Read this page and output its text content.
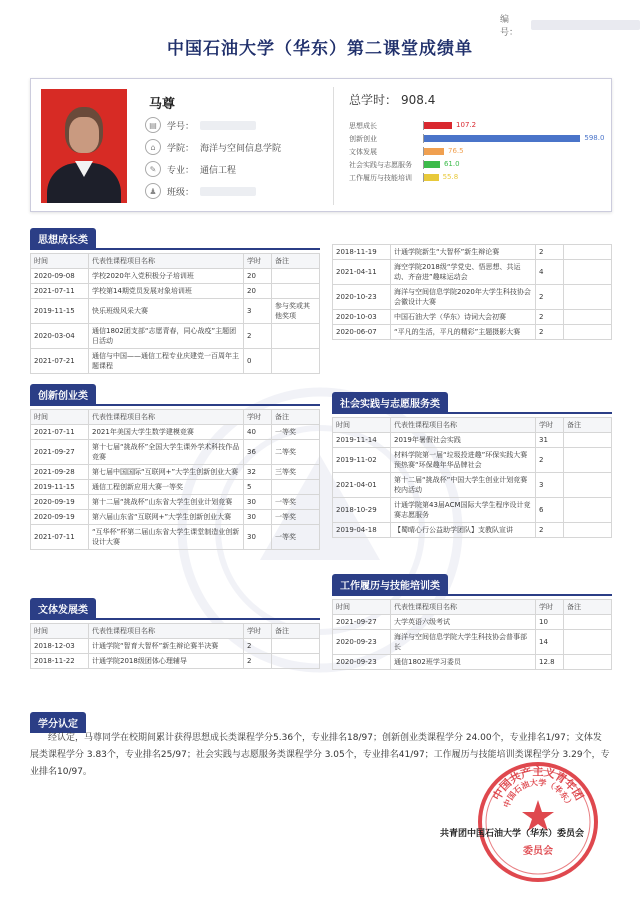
编号：
中国石油大学（华东）第二课堂成绩单
马尊
▤	学号：
⌂	学院： 海洋与空间信息学院
✎	专业： 通信工程
♟	班级：
总学时： 908.4
思想成长	107.2
创新创业	598.0
文体发展	76.5
社会实践与志愿服务	61.0
工作履历与技能培训	55.8
思想成长类
时间	代表性课程项目名称	学时	备注
2020-09-08	学校2020年入党积极分子培训班	20	
2021-07-11	学校第14期党员发展对象培训班	20	
2019-11-15	快乐班级风采大赛	3	参与奖或其他奖项
2020-03-04	通信1802团支部“志愿青春，同心战疫”主题团日活动	2	
2021-07-21	通信与中国——通信工程专业庆建党一百周年主题课程	0	
创新创业类
时间	代表性课程项目名称	学时	备注
2021-07-11	2021年美国大学生数学建模竞赛	40	一等奖
2021-09-27	第十七届“挑战杯”全国大学生课外学术科技作品竞赛	36	二等奖
2021-09-28	第七届中国国际“互联网+”大学生创新创业大赛	32	三等奖
2019-11-15	通信工程创新应用大赛一等奖	5	
2020-09-19	第十二届“挑战杯”山东省大学生创业计划竞赛	30	一等奖
2020-09-19	第六届山东省“互联网+”大学生创新创业大赛	30	一等奖
2021-07-11	“互华杯”杯第二届山东省大学生课堂制造业创新设计大赛	30	一等奖
文体发展类
时间	代表性课程项目名称	学时	备注
2018-12-03	计通学院“智育大智杯”新生辩论赛半决赛	2	
2018-11-22	计通学院2018级团体心理辅导	2	
2018-11-19	计通学院新生“大智杯”新生辩论赛	2	
2021-04-11	海空学院2018级“学党史、悟思想、共运动、齐奋进”趣味运动会	4	
2020-10-23	海洋与空间信息学院2020年大学生科技协会会徽设计大赛	2	
2020-10-03	中国石油大学（华东）诗词大会初赛	2	
2020-06-07	“平凡的生活，平凡的精彩”主题摄影大赛	2	
社会实践与志愿服务类
时间	代表性课程项目名称	学时	备注
2019-11-14	2019年暑假社会实践	31	
2019-11-02	材料学院第一届“垃圾投进趣”环保实践大赛预热赛“环保趣年华品牌社会	2	
2021-04-01	第十二届“挑战杯”中国大学生创业计划竞赛校内活动	3	
2018-10-29	计通学院第43届ACM国际大学生程序设计竞赛志愿服务	6	
2019-04-18	【蜀晴心行公益助学团队】支教队宣讲	2	
工作履历与技能培训类
时间	代表性课程项目名称	学时	备注
2021-09-27	大学英语六级考试	10	
2020-09-23	海洋与空间信息学院大学生科技协会普事部长	14	
2020-09-23	通信1802班学习委员	12.8	
学分认定
经认定，马尊同学在校期间累计获得思想成长类课程学分5.36个，专业排名18/97；创新创业类课程学分 24.00个，专业排名1/97；文体发展类课程学分 3.83个，专业排名25/97；社会实践与志愿服务类课程学分 3.05个，专业排名41/97；工作履历与技能培训类课程学分 3.29个，专业排名10/97。
中国共产主义青年团
中国石油大学（华东）
委员会
共青团中国石油大学（华东）委员会
